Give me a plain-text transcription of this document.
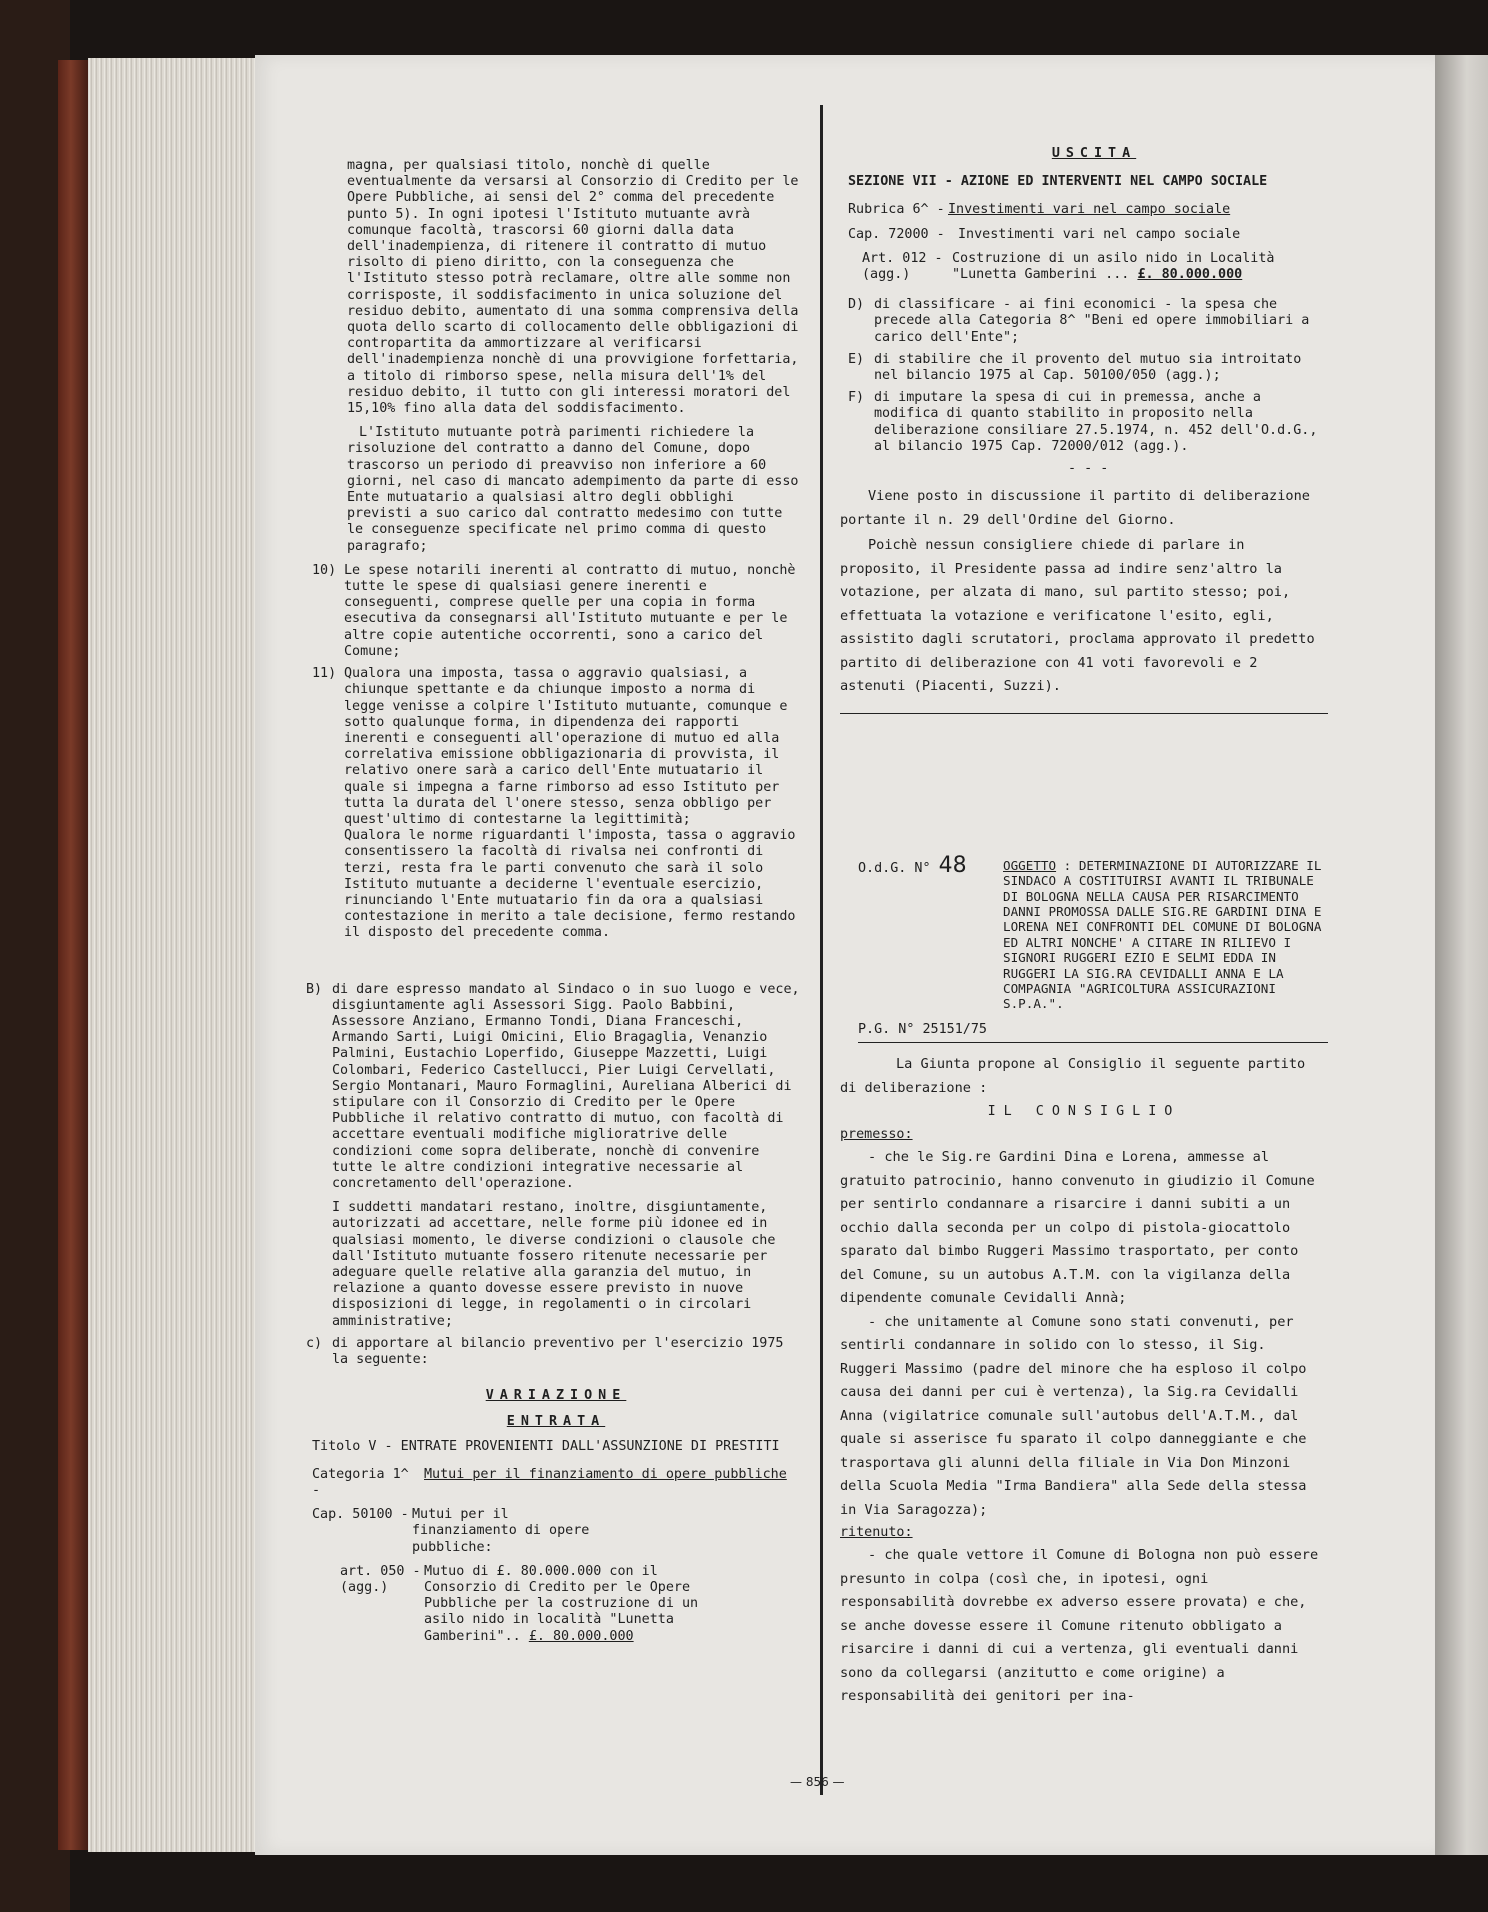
magna, per qualsiasi titolo, nonchè di quelle eventualmente da versarsi al Consorzio di Credito per le Opere Pubbliche, ai sensi del 2° comma del precedente punto 5). In ogni ipotesi l'Istituto mutuante avrà comunque facoltà, trascorsi 60 giorni dalla data dell'inadempienza, di ritenere il contratto di mutuo risolto di pieno diritto, con la conseguenza che l'Istituto stesso potrà reclamare, oltre alle somme non corrisposte, il soddisfacimento in unica soluzione del residuo debito, aumentato di una somma comprensiva della quota dello scarto di collocamento delle obbligazioni di contropartita da ammortizzare al verificarsi dell'inadempienza nonchè di una provvigione forfettaria, a titolo di rimborso spese, nella misura dell'1% del residuo debito, il tutto con gli interessi moratori del 15,10% fino alla data del soddisfacimento.

L'Istituto mutuante potrà parimenti richiedere la risoluzione del contratto a danno del Comune, dopo trascorso un periodo di preavviso non inferiore a 60 giorni, nel caso di mancato adempimento da parte di esso Ente mutuatario a qualsiasi altro degli obblighi previsti a suo carico dal contratto medesimo con tutte le conseguenze specificate nel primo comma di questo paragrafo;

10) Le spese notarili inerenti al contratto di mutuo, nonchè tutte le spese di qualsiasi genere inerenti e conseguenti, comprese quelle per una copia in forma esecutiva da consegnarsi all'Istituto mutuante e per le altre copie autentiche occorrenti, sono a carico del Comune;
11) Qualora una imposta, tassa o aggravio qualsiasi, a chiunque spettante e da chiunque imposto a norma di legge venisse a colpire l'Istituto mutuante, comunque e sotto qualunque forma, in dipendenza dei rapporti inerenti e conseguenti all'operazione di mutuo ed alla correlativa emissione obbligazionaria di provvista, il relativo onere sarà a carico dell'Ente mutuatario il quale si impegna a farne rimborso ad esso Istituto per tutta la durata del l'onere stesso, senza obbligo per quest'ultimo di contestarne la legittimità;
Qualora le norme riguardanti l'imposta, tassa o aggravio consentissero la facoltà di rivalsa nei confronti di terzi, resta fra le parti convenuto che sarà il solo Istituto mutuante a deciderne l'eventuale esercizio, rinunciando l'Ente mutuatario fin da ora a qualsiasi contestazione in merito a tale decisione, fermo restando il disposto del precedente comma.
B) di dare espresso mandato al Sindaco o in suo luogo e vece, disgiuntamente agli Assessori Sigg. Paolo Babbini, Assessore Anziano, Ermanno Tondi, Diana Franceschi, Armando Sarti, Luigi Omicini, Elio Bragaglia, Venanzio Palmini, Eustachio Loperfido, Giuseppe Mazzetti, Luigi Colombari, Federico Castellucci, Pier Luigi Cervellati, Sergio Montanari, Mauro Formaglini, Aureliana Alberici di stipulare con il Consorzio di Credito per le Opere Pubbliche il relativo contratto di mutuo, con facoltà di accettare eventuali modifiche miglioratrive delle condizioni come sopra deliberate, nonchè di convenire tutte le altre condizioni integrative necessarie al concretamento dell'operazione.
I suddetti mandatari restano, inoltre, disgiuntamente, autorizzati ad accettare, nelle forme più idonee ed in qualsiasi momento, le diverse condizioni o clausole che dall'Istituto mutuante fossero ritenute necessarie per adeguare quelle relative alla garanzia del mutuo, in relazione a quanto dovesse essere previsto in nuove disposizioni di legge, in regolamenti o in circolari amministrative;
c) di apportare al bilancio preventivo per l'esercizio 1975 la seguente:
VARIAZIONE
ENTRATA
Titolo V - ENTRATE PROVENIENTI DALL'ASSUNZIONE DI PRESTITI
Categoria 1^ -
Mutui per il finanziamento di opere pubbliche
Cap. 50100 - Mutui per il finanziamento di opere pubbliche:
art. 050 -
(agg.)
Mutuo di £. 80.000.000 con il Consorzio di Credito per le Opere Pubbliche per la costruzione di un asilo nido in località "Lunetta Gamberini".. £. 80.000.000
USCITA
SEZIONE VII - AZIONE ED INTERVENTI NEL CAMPO SOCIALE
Rubrica 6^ - Investimenti vari nel campo sociale
Cap. 72000 - Investimenti vari nel campo sociale
Art. 012 -
(agg.)
Costruzione di un asilo nido in Località "Lunetta Gamberini ... £. 80.000.000
D) di classificare - ai fini economici - la spesa che precede alla Categoria 8^ "Beni ed opere immobiliari a carico dell'Ente";
E) di stabilire che il provento del mutuo sia introitato nel bilancio 1975 al Cap. 50100/050 (agg.);
F) di imputare la spesa di cui in premessa, anche a modifica di quanto stabilito in proposito nella deliberazione consiliare 27.5.1974, n. 452 dell'O.d.G., al bilancio 1975 Cap. 72000/012 (agg.).
- - -

Viene posto in discussione il partito di deliberazione portante il n. 29 dell'Ordine del Giorno.

Poichè nessun consigliere chiede di parlare in proposito, il Presidente passa ad indire senz'altro la votazione, per alzata di mano, sul partito stesso; poi, effettuata la votazione e verificatone l'esito, egli, assistito dagli scrutatori, proclama approvato il predetto partito di deliberazione con 41 voti favorevoli e 2 astenuti (Piacenti, Suzzi).

O.d.G. N° 48	OGGETTO : DETERMINAZIONE DI AUTORIZZARE IL SINDACO A COSTITUIRSI AVANTI IL TRIBUNALE DI BOLOGNA NELLA CAUSA PER RISARCIMENTO DANNI PROMOSSA DALLE SIG.RE GARDINI DINA E LORENA NEI CONFRONTI DEL COMUNE DI BOLOGNA ED ALTRI NONCHE' A CITARE IN RILIEVO I SIGNORI RUGGERI EZIO E SELMI EDDA IN RUGGERI LA SIG.RA CEVIDALLI ANNA E LA COMPAGNIA "AGRICOLTURA ASSICURAZIONI S.P.A.".
P.G. N° 25151/75

La Giunta propone al Consiglio il seguente partito di deliberazione :

IL CONSIGLIO
premesso:

- che le Sig.re Gardini Dina e Lorena, ammesse al gratuito patrocinio, hanno convenuto in giudizio il Comune per sentirlo condannare a risarcire i danni subiti a un occhio dalla seconda per un colpo di pistola-giocattolo sparato dal bimbo Ruggeri Massimo trasportato, per conto del Comune, su un autobus A.T.M. con la vigilanza della dipendente comunale Cevidalli Annà;

- che unitamente al Comune sono stati convenuti, per sentirli condannare in solido con lo stesso, il Sig. Ruggeri Massimo (padre del minore che ha esploso il colpo causa dei danni per cui è vertenza), la Sig.ra Cevidalli Anna (vigilatrice comunale sull'autobus dell'A.T.M., dal quale si asserisce fu sparato il colpo danneggiante e che trasportava gli alunni della filiale in Via Don Minzoni della Scuola Media "Irma Bandiera" alla Sede della stessa in Via Saragozza);

ritenuto:

- che quale vettore il Comune di Bologna non può essere presunto in colpa (così che, in ipotesi, ogni responsabilità dovrebbe ex adverso essere provata) e che, se anche dovesse essere il Comune ritenuto obbligato a risarcire i danni di cui a vertenza, gli eventuali danni sono da collegarsi (anzitutto e come origine) a responsabilità dei genitori per ina-

— 856 —
